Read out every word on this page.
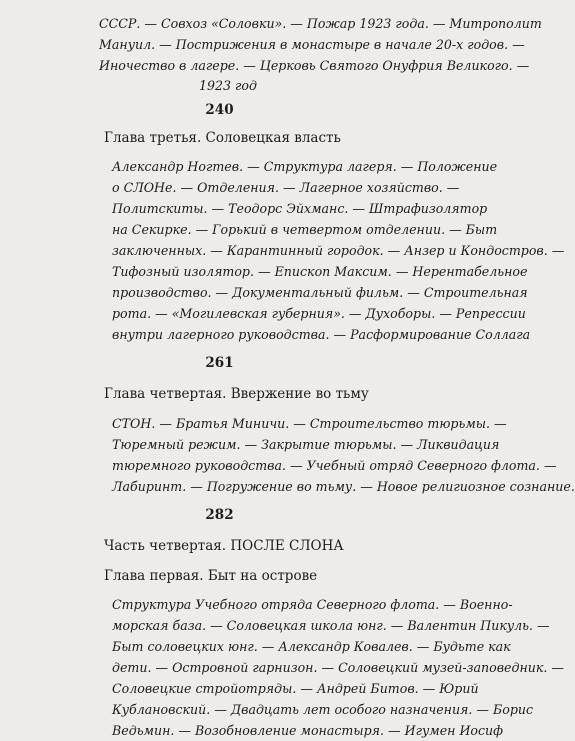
СССР. — Совхоз «Соловки». — Пожар 1923 года. — Митрополит
Мануил. — Пострижения в монастыре в начале 20-х годов. —
Иночество в лагере. — Церковь Святого Онуфрия Великого. —
1923 год

240

Глава третья. Соловецкая власть

Александр Ногтев. — Структура лагеря. — Положение
о СЛОНе. — Отделения. — Лагерное хозяйство. —
Политскиты. — Теодорс Эйхманс. — Штрафизолятор
на Секирке. — Горький в четвертом отделении. — Быт
заключенных. — Карантинный городок. — Анзер и Кондостров. —
Тифозный изолятор. — Епископ Максим. — Нерентабельное
производство. — Документальный фильм. — Строительная
рота. — «Могилевская губерния». — Духоборы. — Репрессии
внутри лагерного руководства. — Расформирование Соллага

261

Глава четвертая. Ввержение во тьму

СТОН. — Братья Миничи. — Строительство тюрьмы. —
Тюремный режим. — Закрытие тюрьмы. — Ликвидация
тюремного руководства. — Учебный отряд Северного флота. —
Лабиринт. — Погружение во тьму. — Новое религиозное сознание.

282

Часть четвертая. ПОСЛЕ СЛОНА

Глава первая. Быт на острове

Структура Учебного отряда Северного флота. — Военно-
морская база. — Соловецкая школа юнг. — Валентин Пикуль. —
Быт соловецких юнг. — Александр Ковалев. — Будьте как
дети. — Островной гарнизон. — Соловецкий музей-заповедник. —
Соловецкие стройотряды. — Андрей Битов. — Юрий
Кублановский. — Двадцать лет особого назначения. — Борис
Ведьмин. — Возобновление монастыря. — Игумен Иосиф
